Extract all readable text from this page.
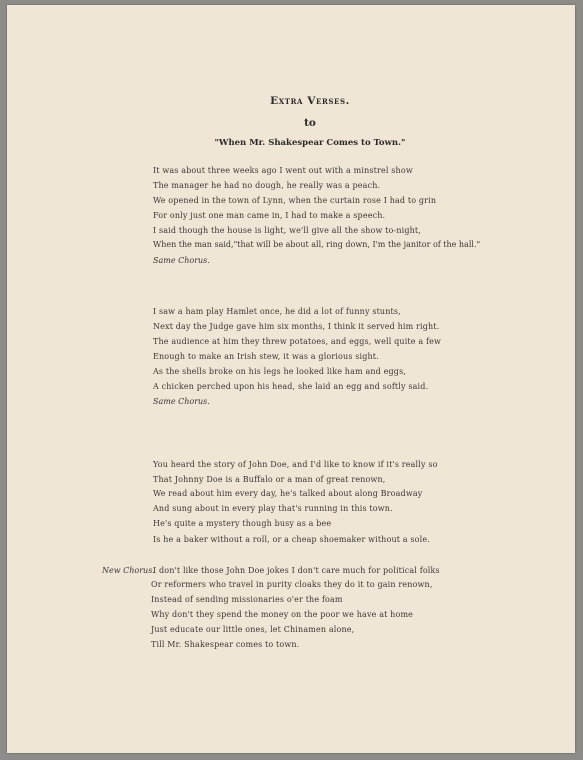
Extra Verses.
to
"When Mr. Shakespear Comes to Town."
It was about three weeks ago I went out with a minstrel show
The manager he had no dough, he really was a peach.
We opened in the town of Lynn, when the curtain rose I had to grin
For only just one man came in, I had to make a speech.
I said though the house is light, we'll give all the show to-night,
When the man said,"that will be about all, ring down, I'm the janitor of the hall."
Same Chorus.
I saw a ham play Hamlet once, he did a lot of funny stunts,
Next day the Judge gave him six months, I think it served him right.
The audience at him they threw potatoes, and eggs, well quite a few
Enough to make an Irish stew, it was a glorious sight.
As the shells broke on his legs he looked like ham and eggs,
A chicken perched upon his head, she laid an egg and softly said.
Same Chorus.
You heard the story of John Doe, and I'd like to know if it's really so
That Johnny Doe is a Buffalo or a man of great renown,
We read about him every day, he's talked about along Broadway
And sung about in every play that's running in this town.
He's quite a mystery though busy as a bee
Is he a baker without a roll, or a cheap shoemaker without a sole.
New Chorus.
I don't like those John Doe jokes I don't care much for political folks
Or reformers who travel in purity cloaks they do it to gain renown,
Instead of sending missionaries o'er the foam
Why don't they spend the money on the poor we have at home
Just educate our little ones, let Chinamen alone,
Till Mr. Shakespear comes to town.
